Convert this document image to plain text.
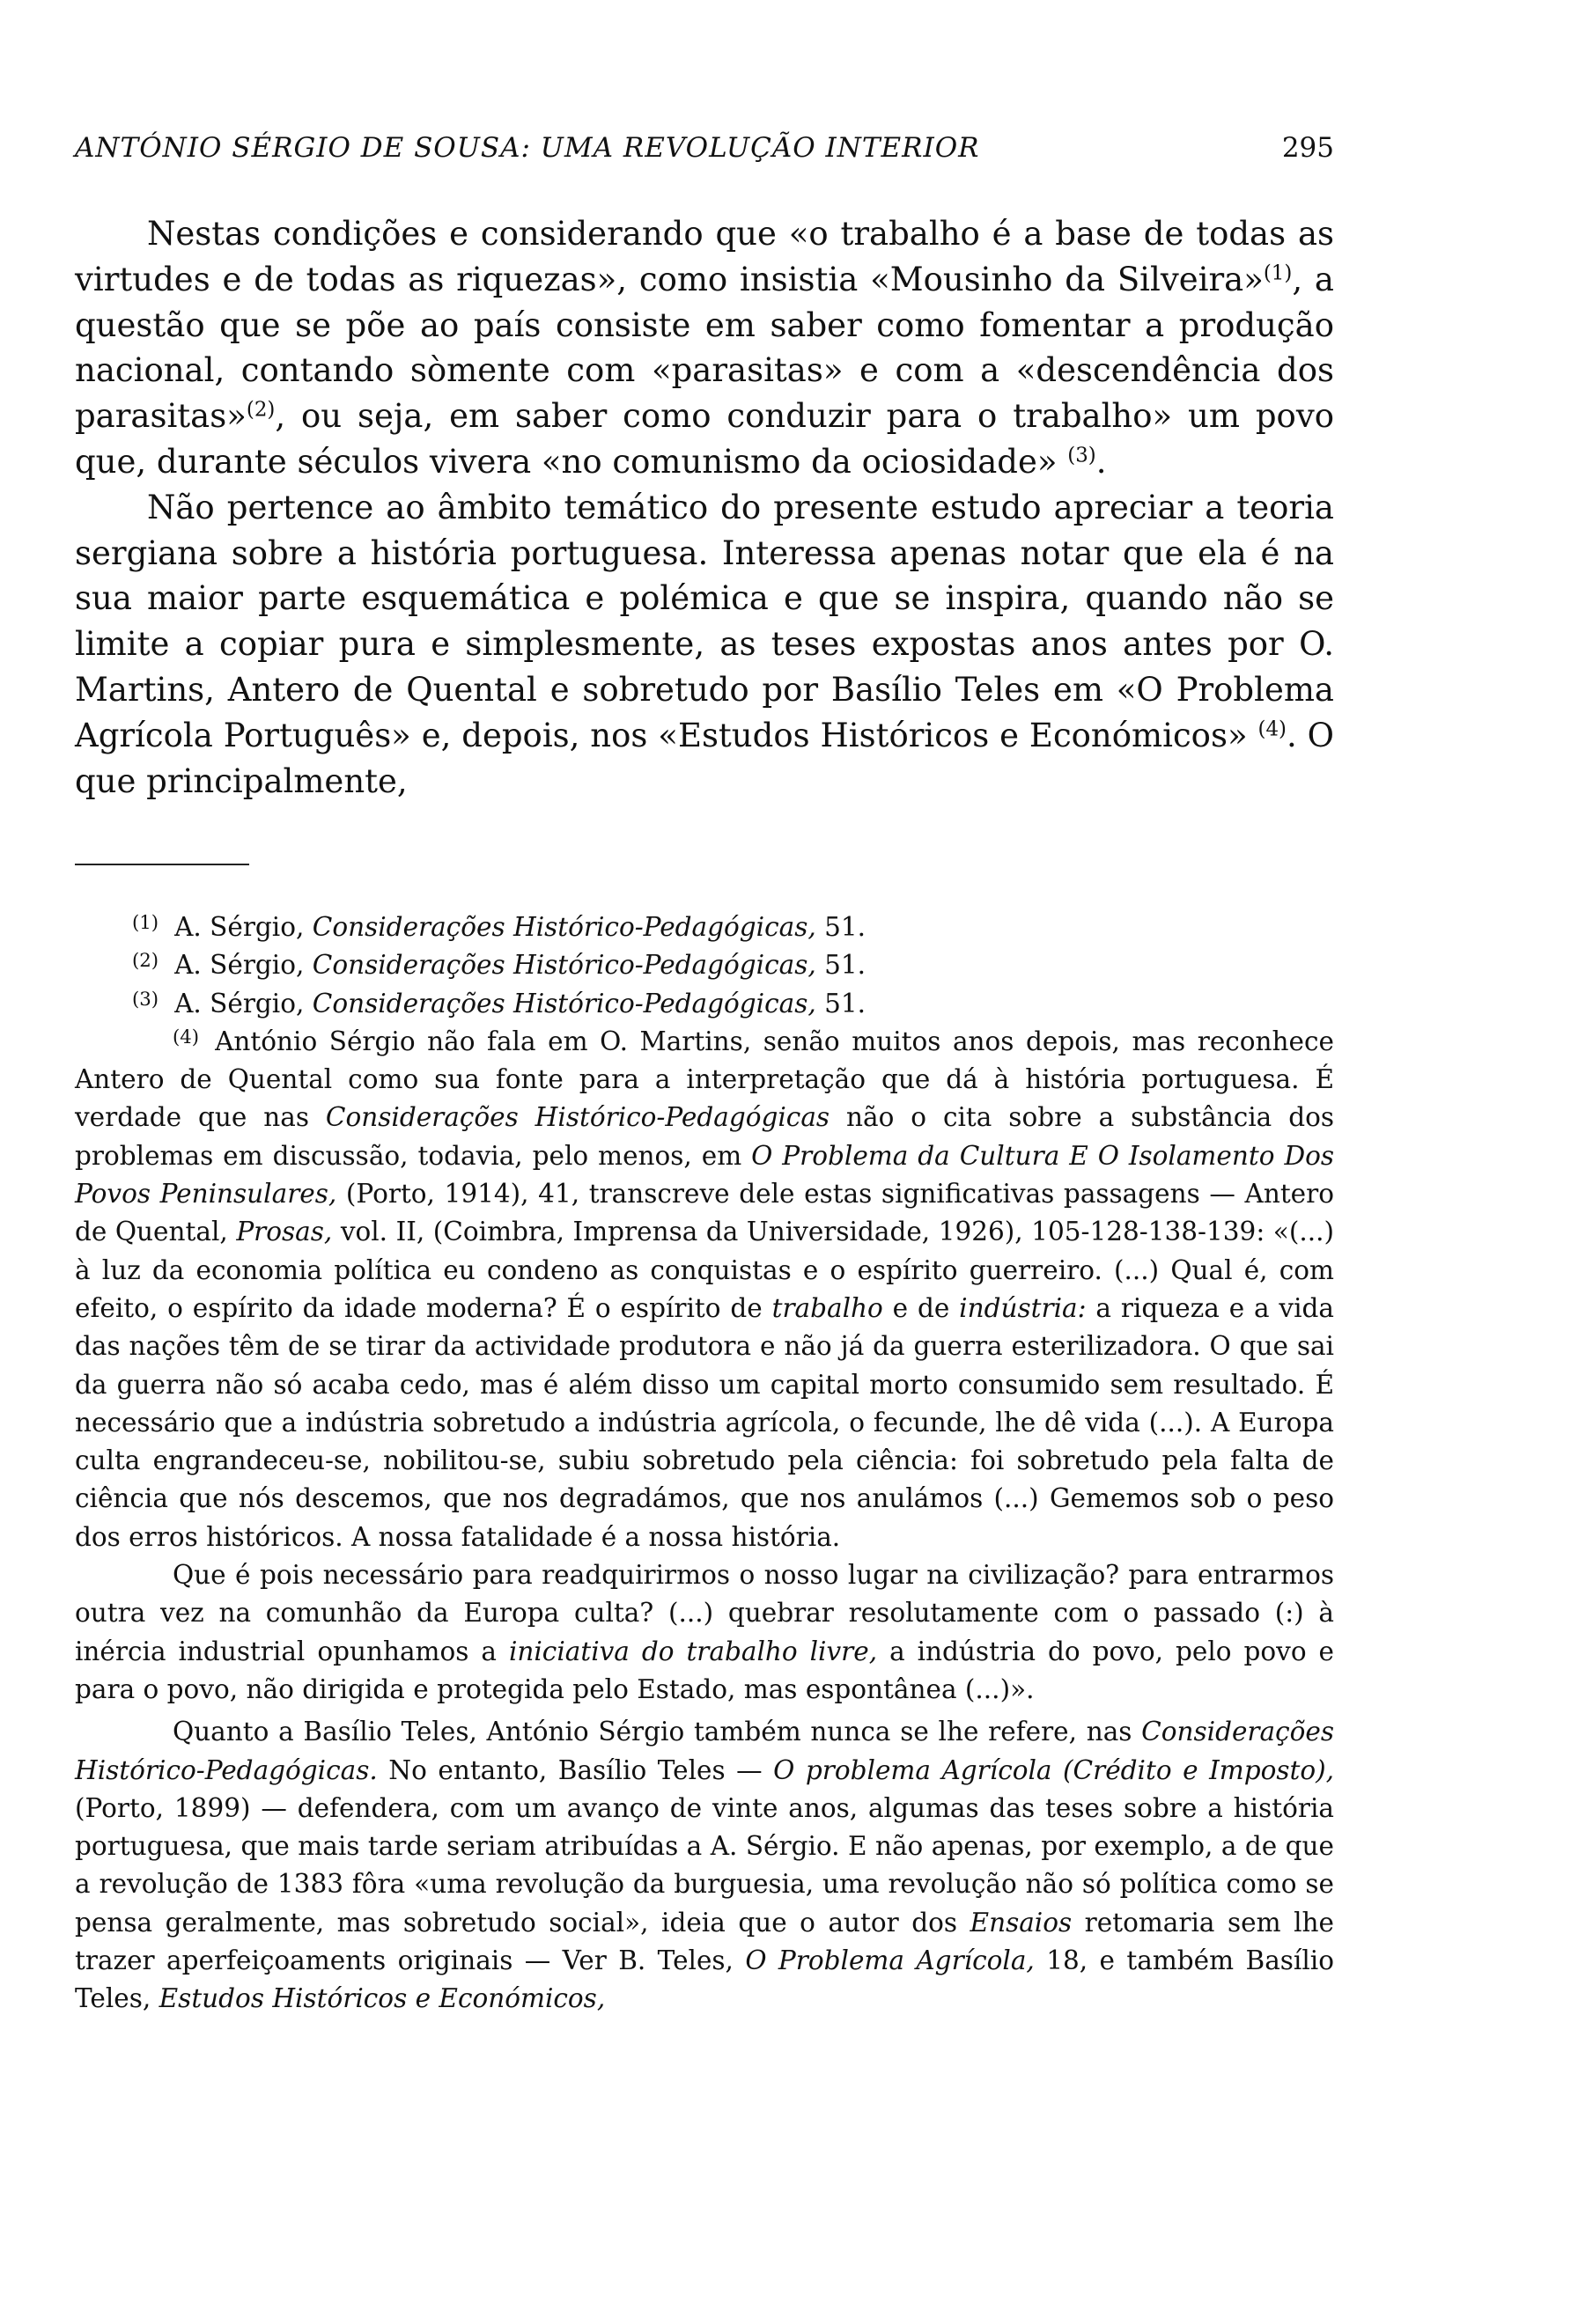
ANTÓNIO SÉRGIO DE SOUSA: UMA REVOLUÇÃO INTERIOR	295

Nestas condições e considerando que «o trabalho é a base de todas as virtudes e de todas as riquezas», como insistia «Mousinho da Silveira»$^{(1)}$, a questão que se põe ao país consiste em saber como fomentar a produção nacional, contando sòmente com «parasitas» e com a «descendência dos parasitas»$^{(2)}$, ou seja, em saber como conduzir para o trabalho» um povo que, durante séculos vivera «no comunismo da ociosidade» $^{(3)}$.

Não pertence ao âmbito temático do presente estudo apreciar a teoria sergiana sobre a história portuguesa. Interessa apenas notar que ela é na sua maior parte esquemática e polémica e que se inspira, quando não se limite a copiar pura e simplesmente, as teses expostas anos antes por O. Martins, Antero de Quental e sobretudo por Basílio Teles em «O Problema Agrícola Português» e, depois, nos «Estudos Históricos e Económicos» $^{(4)}$. O que principalmente,

$^{(1)}$ A. Sérgio, Considerações Histórico-Pedagógicas, 51.

$^{(2)}$ A. Sérgio, Considerações Histórico-Pedagógicas, 51.

$^{(3)}$ A. Sérgio, Considerações Histórico-Pedagógicas, 51.

$^{(4)}$ António Sérgio não fala em O. Martins, senão muitos anos depois, mas reconhece Antero de Quental como sua fonte para a interpretação que dá à história portuguesa. É verdade que nas Considerações Histórico-Pedagógicas não o cita sobre a substância dos problemas em discussão, todavia, pelo menos, em O Problema da Cultura E O Isolamento Dos Povos Peninsulares, (Porto, 1914), 41, transcreve dele estas significativas passagens — Antero de Quental, Prosas, vol. II, (Coimbra, Imprensa da Universidade, 1926), 105-128-138-139: «(...) à luz da economia política eu condeno as conquistas e o espírito guerreiro. (...) Qual é, com efeito, o espírito da idade moderna? É o espírito de trabalho e de indústria: a riqueza e a vida das nações têm de se tirar da actividade produtora e não já da guerra esterilizadora. O que sai da guerra não só acaba cedo, mas é além disso um capital morto consumido sem resultado. É necessário que a indústria sobretudo a indústria agrícola, o fecunde, lhe dê vida (...). A Europa culta engrandeceu-se, nobilitou-se, subiu sobretudo pela ciência: foi sobretudo pela falta de ciência que nós descemos, que nos degradámos, que nos anulámos (...) Gememos sob o peso dos erros históricos. A nossa fatalidade é a nossa história.

Que é pois necessário para readquirirmos o nosso lugar na civilização? para entrarmos outra vez na comunhão da Europa culta? (...) quebrar resolutamente com o passado (:) à inércia industrial opunhamos a iniciativa do trabalho livre, a indústria do povo, pelo povo e para o povo, não dirigida e protegida pelo Estado, mas espontânea (...)».

Quanto a Basílio Teles, António Sérgio também nunca se lhe refere, nas Considerações Histórico-Pedagógicas. No entanto, Basílio Teles — O problema Agrícola (Crédito e Imposto), (Porto, 1899) — defendera, com um avanço de vinte anos, algumas das teses sobre a história portuguesa, que mais tarde seriam atribuídas a A. Sérgio. E não apenas, por exemplo, a de que a revolução de 1383 fôra «uma revolução da burguesia, uma revolução não só política como se pensa geralmente, mas sobretudo social», ideia que o autor dos Ensaios retomaria sem lhe trazer aperfeiçoaments originais — Ver B. Teles, O Problema Agrícola, 18, e também Basílio Teles, Estudos Históricos e Económicos,
